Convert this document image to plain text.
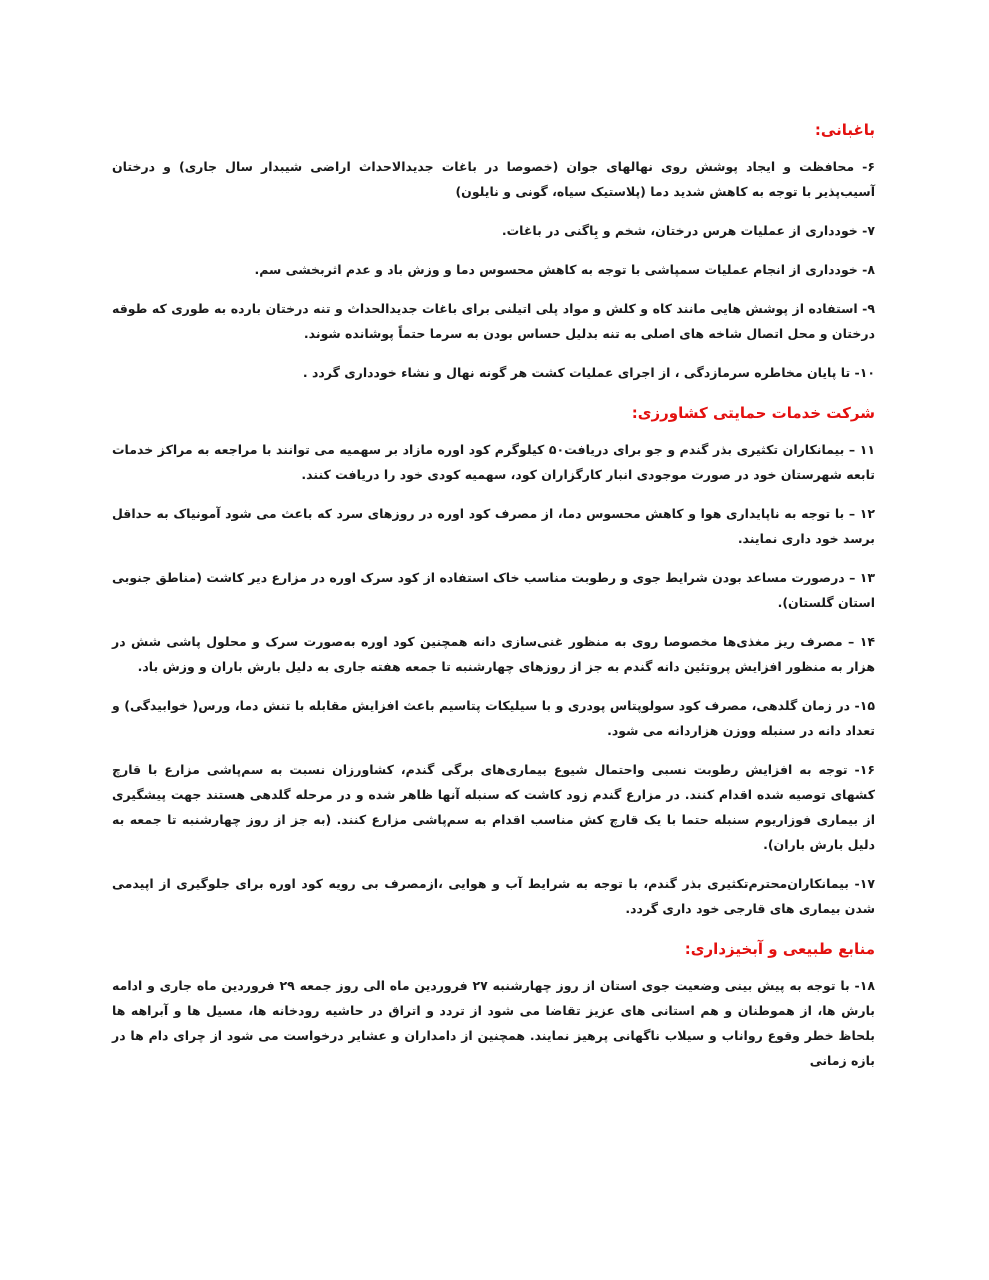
باغبانی:

۶- محافظت و ایجاد پوشش روی نهالهای جوان (خصوصا در باغات جدیدالاحداث اراضی شیبدار سال جاری) و درختان آسیب‌پذیر با توجه به کاهش شدید دما (پلاستیک سیاه، گونی و نایلون)

۷- خودداری از عملیات هرس درختان، شخم و بِاگنی در باغات.

۸- خودداری از انجام عملیات سمپاشی با توجه به کاهش محسوس دما و وزش باد و عدم اثربخشی سم.

۹- استفاده از پوشش هایی مانند کاه و کلش و مواد پلی اتیلنی برای باغات جدیدالحداث و تنه درختان بارده به طوری که طوقه درختان و محل اتصال شاخه های اصلی به تنه بدلیل حساس بودن به سرما حتماً پوشانده شوند.

۱۰- تا پایان مخاطره سرمازدگی ، از اجرای عملیات کشت هر گونه نهال و نشاء خودداری گردد .

شرکت خدمات حمایتی کشاورزی:

۱۱ – بیمانکاران تکثیری بذر گندم و جو برای دریافت۵۰ کیلوگرم کود اوره مازاد بر سهمیه می توانند با مراجعه به مراکز خدمات تابعه شهرستان خود در صورت موجودی انبار کارگزاران کود، سهمیه کودی خود را دریافت کنند.

۱۲ – با توجه به ناپایداری هوا و کاهش محسوس دما، از مصرف کود اوره در روزهای سرد که باعث می شود آمونیاک به حداقل برسد خود داری نمایند.

۱۳ – درصورت مساعد بودن شرایط جوی و رطوبت مناسب خاک استفاده از کود سرک اوره در مزارع دیر کاشت (مناطق جنوبی استان گلستان).

۱۴ – مصرف ریز مغذی‌ها مخصوصا روی به منظور غنی‌سازی دانه همچنین کود اوره به‌صورت سرک و محلول پاشی شش در هزار به منظور افزایش پروتئین دانه گندم به جز از روزهای چهارشنبه تا جمعه هفته جاری به دلیل بارش باران و وزش باد.

۱۵- در زمان گلدهی، مصرف کود سولوپتاس پودری و با سیلیکات پتاسیم باعث افزایش مقابله با تنش دما، ورس( خوابیدگی) و تعداد دانه در سنبله ووزن هزاردانه می شود.

۱۶- توجه به افزایش رطوبت نسبی واحتمال شیوع بیماری‌های برگی گندم، کشاورزان نسبت به سم‌پاشی مزارع با قارچ کشهای توصیه شده اقدام کنند. در مزارع گندم زود کاشت که سنبله آنها ظاهر شده و در مرحله گلدهی هستند جهت پیشگیری از بیماری فوزاریوم سنبله حتما با یک قارچ کش مناسب اقدام به سم‌پاشی مزارع کنند. (به جز از روز چهارشنبه تا جمعه به دلیل بارش باران).

۱۷- بیمانکاران‌محترم‌تکثیری بذر گندم، با توجه به شرایط آب و هوایی ،ازمصرف بی رویه کود اوره برای جلوگیری از اپیدمی شدن بیماری های قارجی خود داری گردد.

منابع طبیعی و آبخیزداری:

۱۸- با توجه به پیش بینی وضعیت جوی استان از روز چهارشنبه ۲۷ فروردین ماه الی روز جمعه ۲۹ فروردین ماه جاری و ادامه بارش ها، از هموطنان و هم استانی های عزیز تقاضا می شود از تردد و اتراق در حاشیه رودخانه ها، مسیل ها و آبراهه ها بلحاظ خطر وقوع رواناب و سیلاب ناگهانی پرهیز نمایند. همچنین از دامداران و عشایر درخواست می شود از چرای دام ها در بازه زمانی
